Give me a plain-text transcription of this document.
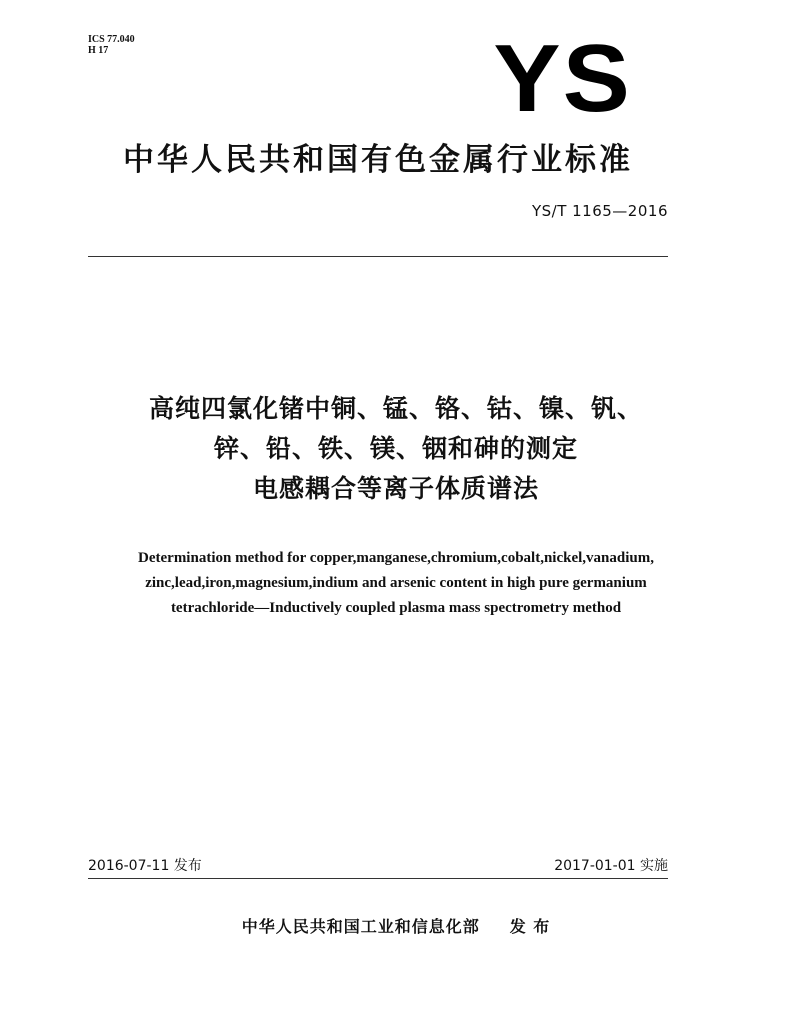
ICS 77.040
H 17	YS
中华人民共和国有色金属行业标准
YS/T 1165—2016
高纯四氯化锗中铜、锰、铬、钴、镍、钒、
锌、铅、铁、镁、铟和砷的测定
电感耦合等离子体质谱法
Determination method for copper,manganese,chromium,cobalt,nickel,vanadium,
zinc,lead,iron,magnesium,indium and arsenic content in high pure germanium
tetrachloride—Inductively coupled plasma mass spectrometry method
2016-07-11 发布	2017-01-01 实施
中华人民共和国工业和信息化部 发 布
